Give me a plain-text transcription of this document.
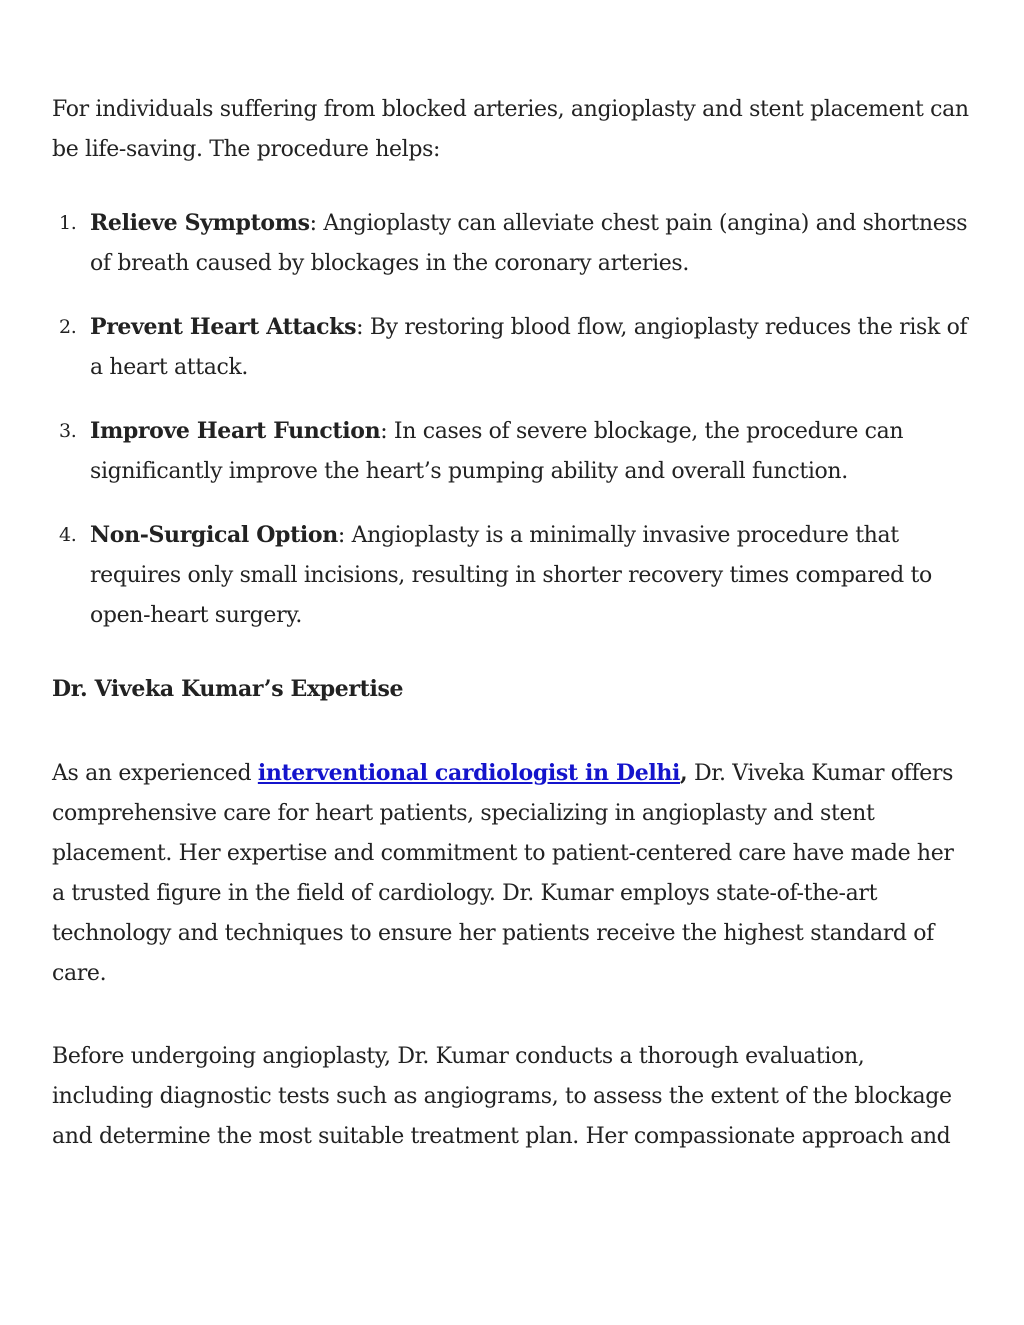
For individuals suffering from blocked arteries, angioplasty and stent placement can be life-saving. The procedure helps:

1. Relieve Symptoms: Angioplasty can alleviate chest pain (angina) and shortness of breath caused by blockages in the coronary arteries.
2. Prevent Heart Attacks: By restoring blood flow, angioplasty reduces the risk of a heart attack.
3. Improve Heart Function: In cases of severe blockage, the procedure can significantly improve the heart’s pumping ability and overall function.
4. Non-Surgical Option: Angioplasty is a minimally invasive procedure that requires only small incisions, resulting in shorter recovery times compared to open-heart surgery.
Dr. Viveka Kumar’s Expertise

As an experienced interventional cardiologist in Delhi, Dr. Viveka Kumar offers comprehensive care for heart patients, specializing in angioplasty and stent placement. Her expertise and commitment to patient-centered care have made her a trusted figure in the field of cardiology. Dr. Kumar employs state-of-the-art technology and techniques to ensure her patients receive the highest standard of care.

Before undergoing angioplasty, Dr. Kumar conducts a thorough evaluation, including diagnostic tests such as angiograms, to assess the extent of the blockage and determine the most suitable treatment plan. Her compassionate approach and
